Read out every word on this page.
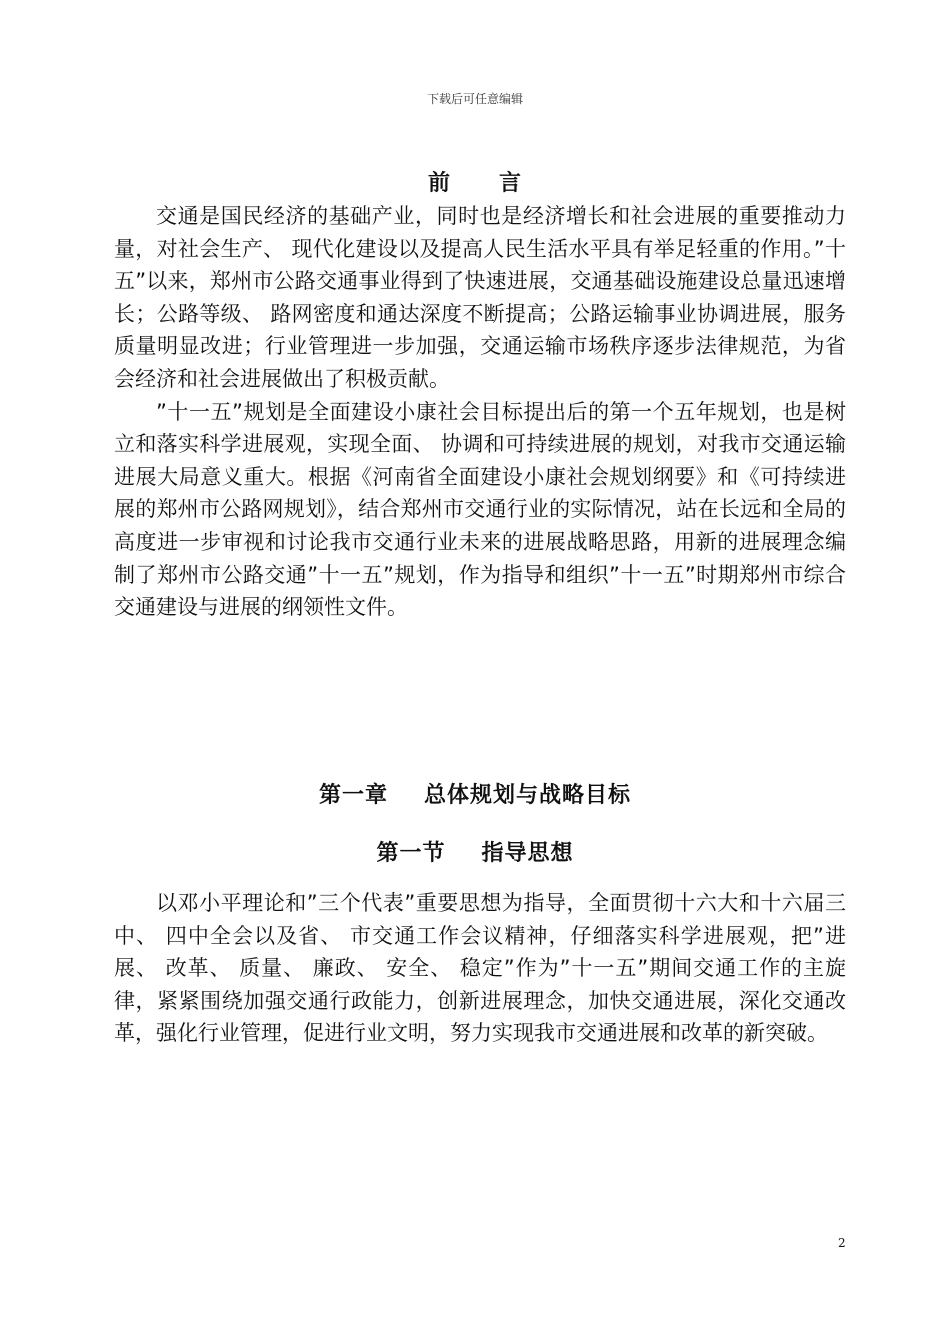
下载后可任意编辑
前 言

交通是国民经济的基础产业，同时也是经济增长和社会进展的重要推动力量，对社会生产、 现代化建设以及提高人民生活水平具有举足轻重的作用。”十五”以来，郑州市公路交通事业得到了快速进展，交通基础设施建设总量迅速增长；公路等级、 路网密度和通达深度不断提高；公路运输事业协调进展，服务质量明显改进；行业管理进一步加强，交通运输市场秩序逐步法律规范，为省会经济和社会进展做出了积极贡献。

”十一五”规划是全面建设小康社会目标提出后的第一个五年规划，也是树立和落实科学进展观，实现全面、 协调和可持续进展的规划，对我市交通运输进展大局意义重大。根据《河南省全面建设小康社会规划纲要》和《可持续进展的郑州市公路网规划》，结合郑州市交通行业的实际情况，站在长远和全局的高度进一步审视和讨论我市交通行业未来的进展战略思路，用新的进展理念编制了郑州市公路交通”十一五”规划，作为指导和组织”十一五”时期郑州市综合交通建设与进展的纲领性文件。

第一章 总体规划与战略目标
第一节 指导思想

以邓小平理论和”三个代表”重要思想为指导，全面贯彻十六大和十六届三中、 四中全会以及省、 市交通工作会议精神，仔细落实科学进展观，把”进展、 改革、 质量、 廉政、 安全、 稳定”作为”十一五”期间交通工作的主旋律，紧紧围绕加强交通行政能力，创新进展理念，加快交通进展，深化交通改革，强化行业管理，促进行业文明，努力实现我市交通进展和改革的新突破。

2
